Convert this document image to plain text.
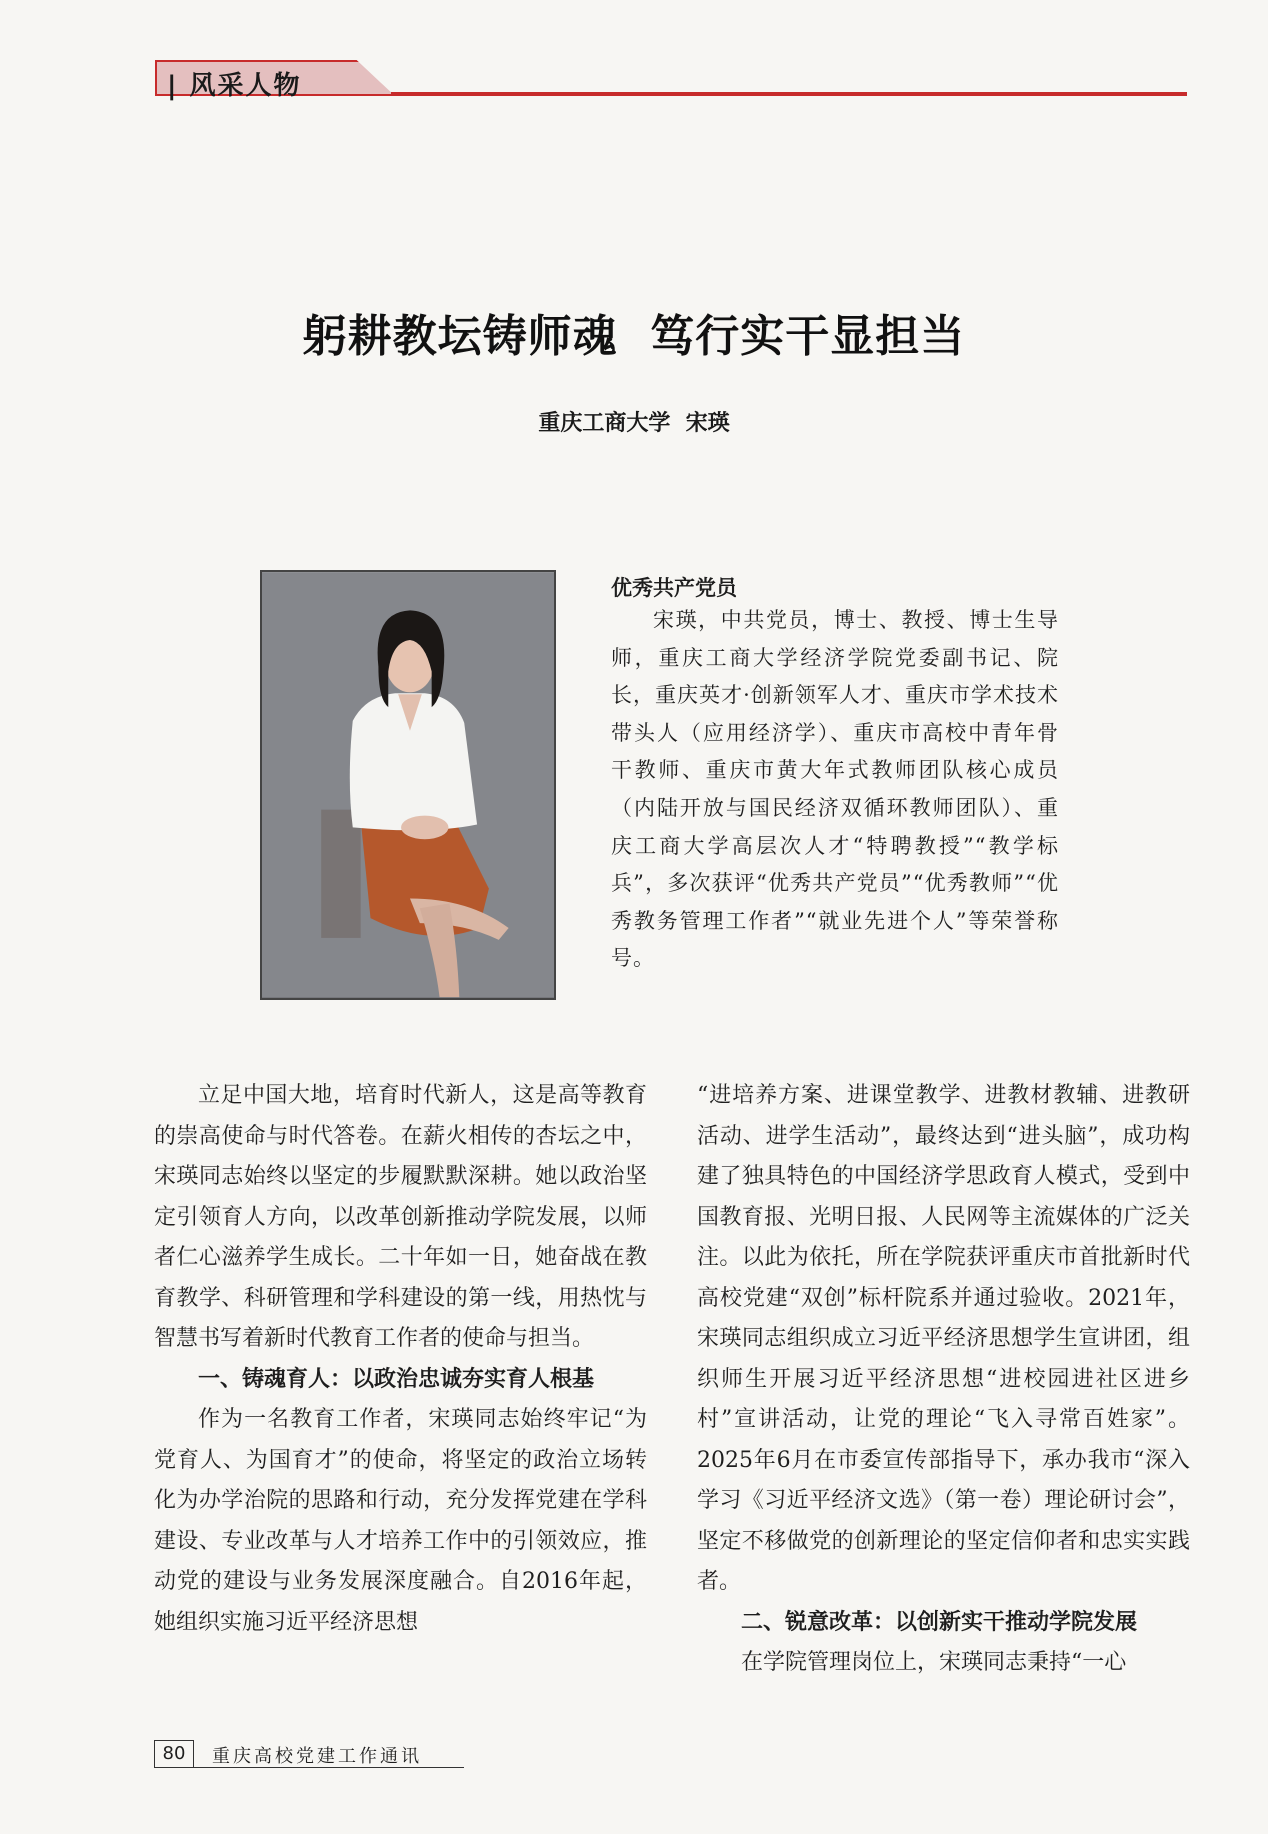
| 风采人物
躬耕教坛铸师魂  笃行实干显担当
重庆工商大学  宋瑛
优秀共产党员
宋瑛，中共党员，博士、教授、博士生导师，重庆工商大学经济学院党委副书记、院长，重庆英才·创新领军人才、重庆市学术技术带头人（应用经济学）、重庆市高校中青年骨干教师、重庆市黄大年式教师团队核心成员（内陆开放与国民经济双循环教师团队）、重庆工商大学高层次人才“特聘教授”“教学标兵”，多次获评“优秀共产党员”“优秀教师”“优秀教务管理工作者”“就业先进个人”等荣誉称号。

立足中国大地，培育时代新人，这是高等教育的崇高使命与时代答卷。在薪火相传的杏坛之中，宋瑛同志始终以坚定的步履默默深耕。她以政治坚定引领育人方向，以改革创新推动学院发展，以师者仁心滋养学生成长。二十年如一日，她奋战在教育教学、科研管理和学科建设的第一线，用热忱与智慧书写着新时代教育工作者的使命与担当。

一、铸魂育人：以政治忠诚夯实育人根基

作为一名教育工作者，宋瑛同志始终牢记“为党育人、为国育才”的使命，将坚定的政治立场转化为办学治院的思路和行动，充分发挥党建在学科建设、专业改革与人才培养工作中的引领效应，推动党的建设与业务发展深度融合。自2016年起，她组织实施习近平经济思想

“进培养方案、进课堂教学、进教材教辅、进教研活动、进学生活动”，最终达到“进头脑”，成功构建了独具特色的中国经济学思政育人模式，受到中国教育报、光明日报、人民网等主流媒体的广泛关注。以此为依托，所在学院获评重庆市首批新时代高校党建“双创”标杆院系并通过验收。2021年，宋瑛同志组织成立习近平经济思想学生宣讲团，组织师生开展习近平经济思想“进校园进社区进乡村”宣讲活动，让党的理论“飞入寻常百姓家”。2025年6月在市委宣传部指导下，承办我市“深入学习《习近平经济文选》（第一卷）理论研讨会”，坚定不移做党的创新理论的坚定信仰者和忠实实践者。

二、锐意改革：以创新实干推动学院发展

在学院管理岗位上，宋瑛同志秉持“一心

80	重庆高校党建工作通讯
